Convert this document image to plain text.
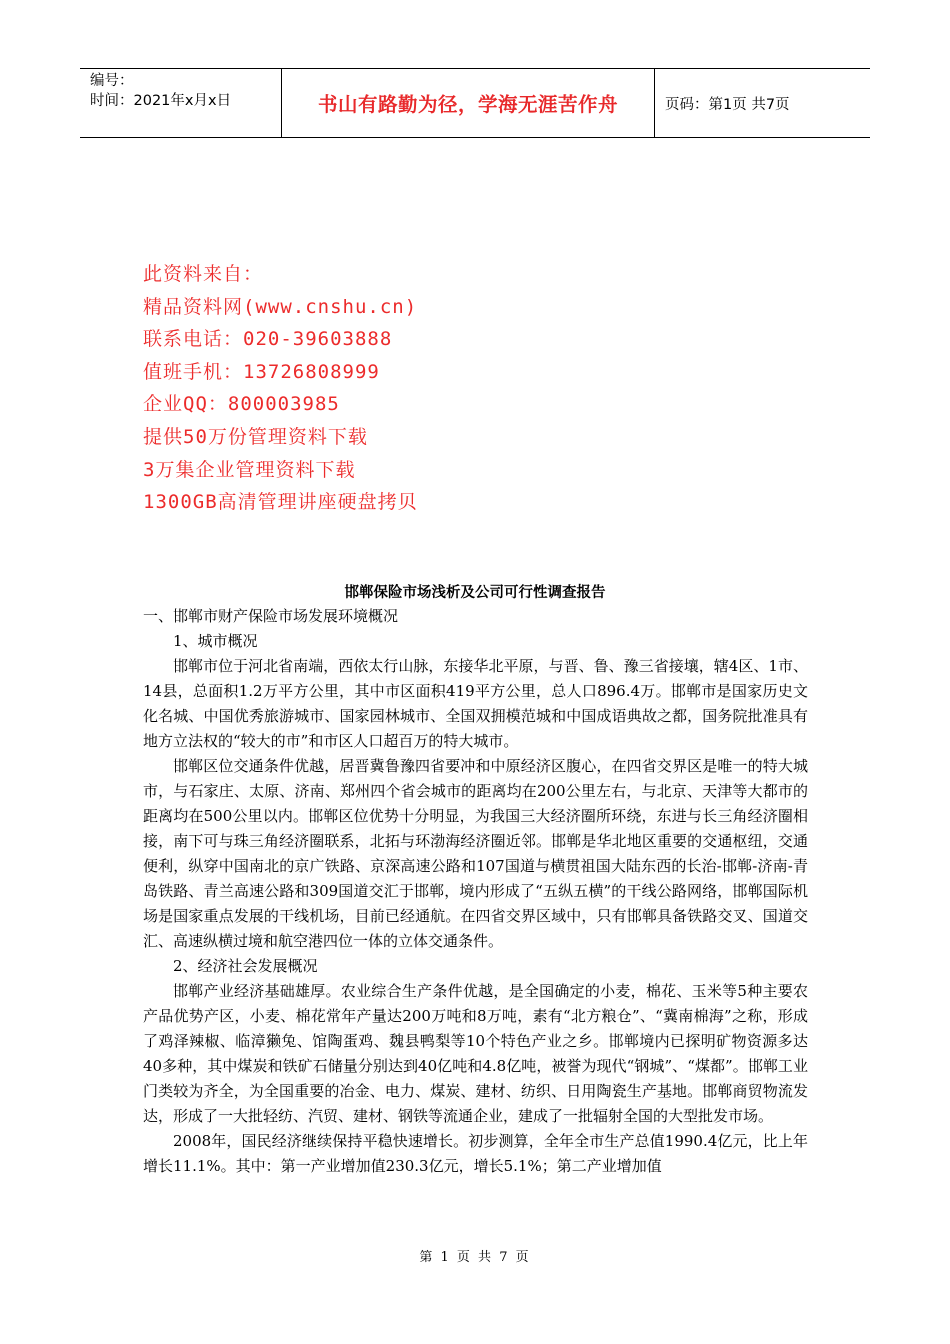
编号：
时间：2021年x月x日	书山有路勤为径，学海无涯苦作舟	页码：第1页 共7页
此资料来自：
精品资料网(www.cnshu.cn)
联系电话：020-39603888
值班手机：13726808999
企业QQ：800003985
提供50万份管理资料下载
3万集企业管理资料下载
1300GB高清管理讲座硬盘拷贝
邯郸保险市场浅析及公司可行性调查报告

一、邯郸市财产保险市场发展环境概况

1、城市概况

邯郸市位于河北省南端，西依太行山脉，东接华北平原，与晋、鲁、豫三省接壤，辖4区、1市、14县，总面积1.2万平方公里，其中市区面积419平方公里，总人口896.4万。邯郸市是国家历史文化名城、中国优秀旅游城市、国家园林城市、全国双拥模范城和中国成语典故之都，国务院批准具有地方立法权的“较大的市”和市区人口超百万的特大城市。

邯郸区位交通条件优越，居晋冀鲁豫四省要冲和中原经济区腹心，在四省交界区是唯一的特大城市，与石家庄、太原、济南、郑州四个省会城市的距离均在200公里左右，与北京、天津等大都市的距离均在500公里以内。邯郸区位优势十分明显，为我国三大经济圈所环绕，东进与长三角经济圈相接，南下可与珠三角经济圈联系，北拓与环渤海经济圈近邻。邯郸是华北地区重要的交通枢纽，交通便利，纵穿中国南北的京广铁路、京深高速公路和107国道与横贯祖国大陆东西的长治-邯郸-济南-青岛铁路、青兰高速公路和309国道交汇于邯郸，境内形成了“五纵五横”的干线公路网络，邯郸国际机场是国家重点发展的干线机场，目前已经通航。在四省交界区域中，只有邯郸具备铁路交叉、国道交汇、高速纵横过境和航空港四位一体的立体交通条件。

2、经济社会发展概况

邯郸产业经济基础雄厚。农业综合生产条件优越，是全国确定的小麦，棉花、玉米等5种主要农产品优势产区，小麦、棉花常年产量达200万吨和8万吨，素有“北方粮仓”、“冀南棉海”之称，形成了鸡泽辣椒、临漳獭兔、馆陶蛋鸡、魏县鸭梨等10个特色产业之乡。邯郸境内已探明矿物资源多达40多种，其中煤炭和铁矿石储量分别达到40亿吨和4.8亿吨，被誉为现代“钢城”、“煤都”。邯郸工业门类较为齐全，为全国重要的冶金、电力、煤炭、建材、纺织、日用陶瓷生产基地。邯郸商贸物流发达，形成了一大批轻纺、汽贸、建材、钢铁等流通企业，建成了一批辐射全国的大型批发市场。

2008年，国民经济继续保持平稳快速增长。初步测算，全年全市生产总值1990.4亿元，比上年增长11.1%。其中：第一产业增加值230.3亿元，增长5.1%；第二产业增加值

第 1 页 共 7 页
